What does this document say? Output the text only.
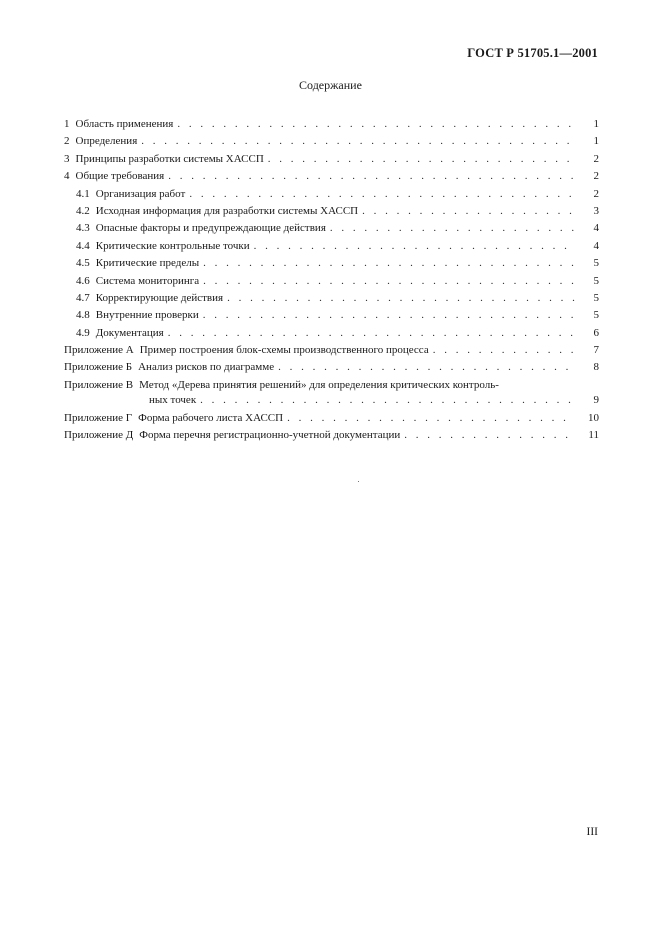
ГОСТ Р 51705.1—2001
Содержание
1 Область применения . . .	1
2 Определения . . .	1
3 Принципы разработки системы ХАССП . . .	2
4 Общие требования . . .	2
4.1 Организация работ . . .	2
4.2 Исходная информация для разработки системы ХАССП . . .	3
4.3 Опасные факторы и предупреждающие действия . . .	4
4.4 Критические контрольные точки . . .	4
4.5 Критические пределы . . .	5
4.6 Система мониторинга . . .	5
4.7 Корректирующие действия . . .	5
4.8 Внутренние проверки . . .	5
4.9 Документация . . .	6
Приложение А Пример построения блок-схемы производственного процесса . . .	7
Приложение Б Анализ рисков по диаграмме . . .	8
Приложение В Метод «Дерева принятия решений» для определения критических контроль-
ных точек . . .	9
Приложение Г Форма рабочего листа ХАССП . . .	10
Приложение Д Форма перечня регистрационно-учетной документации . . .	11
III
